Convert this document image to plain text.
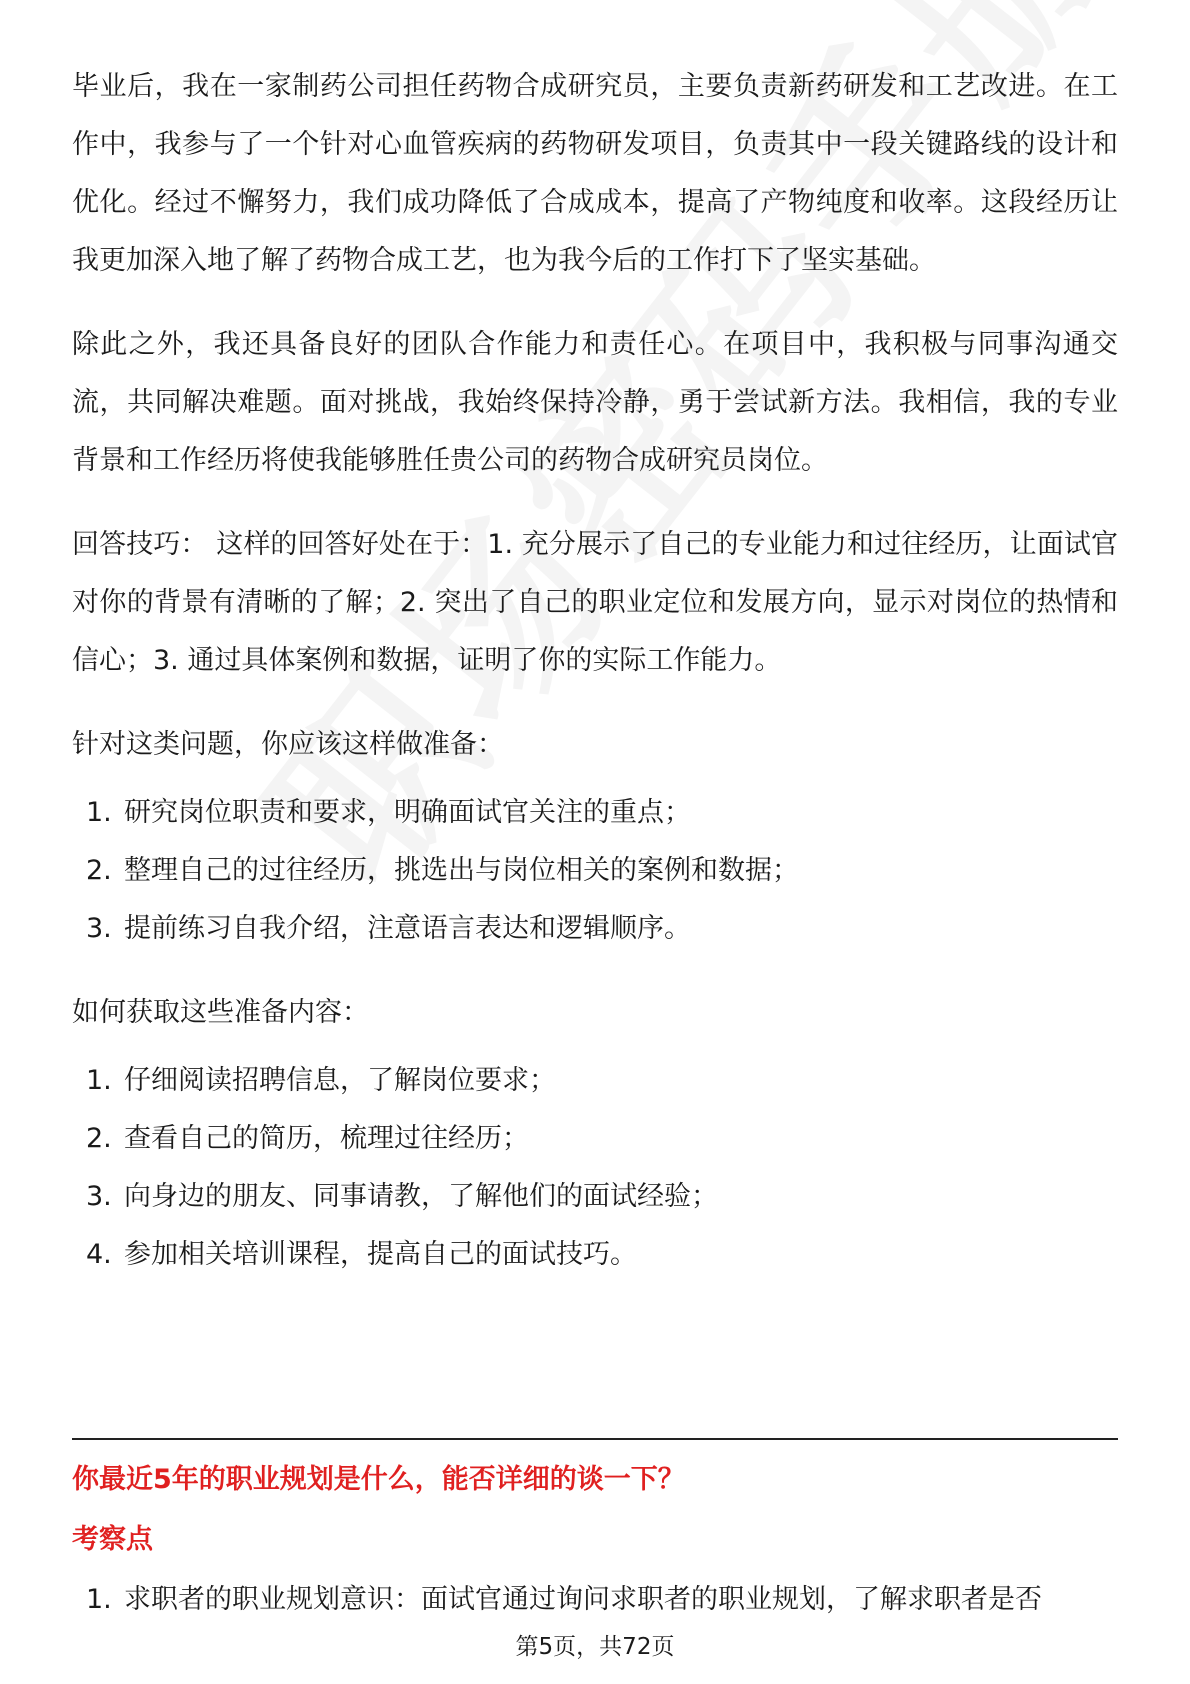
毕业后，我在一家制药公司担任药物合成研究员，主要负责新药研发和工艺改进。在工作中，我参与了一个针对心血管疾病的药物研发项目，负责其中一段关键路线的设计和优化。经过不懈努力，我们成功降低了合成成本，提高了产物纯度和收率。这段经历让我更加深入地了解了药物合成工艺，也为我今后的工作打下了坚实基础。

除此之外，我还具备良好的团队合作能力和责任心。在项目中，我积极与同事沟通交流，共同解决难题。面对挑战，我始终保持冷静，勇于尝试新方法。我相信，我的专业背景和工作经历将使我能够胜任贵公司的药物合成研究员岗位。

回答技巧： 这样的回答好处在于：1. 充分展示了自己的专业能力和过往经历，让面试官对你的背景有清晰的了解；2. 突出了自己的职业定位和发展方向，显示对岗位的热情和信心；3. 通过具体案例和数据，证明了你的实际工作能力。

针对这类问题，你应该这样做准备：

1. 研究岗位职责和要求，明确面试官关注的重点；
2. 整理自己的过往经历，挑选出与岗位相关的案例和数据；
3. 提前练习自我介绍，注意语言表达和逻辑顺序。

如何获取这些准备内容：

1. 仔细阅读招聘信息，了解岗位要求；
2. 查看自己的简历，梳理过往经历；
3. 向身边的朋友、同事请教，了解他们的面试经验；
4. 参加相关培训课程，提高自己的面试技巧。
你最近5年的职业规划是什么，能否详细的谈一下？
考察点
1. 求职者的职业规划意识：面试官通过询问求职者的职业规划，了解求职者是否
第5页，共72页
